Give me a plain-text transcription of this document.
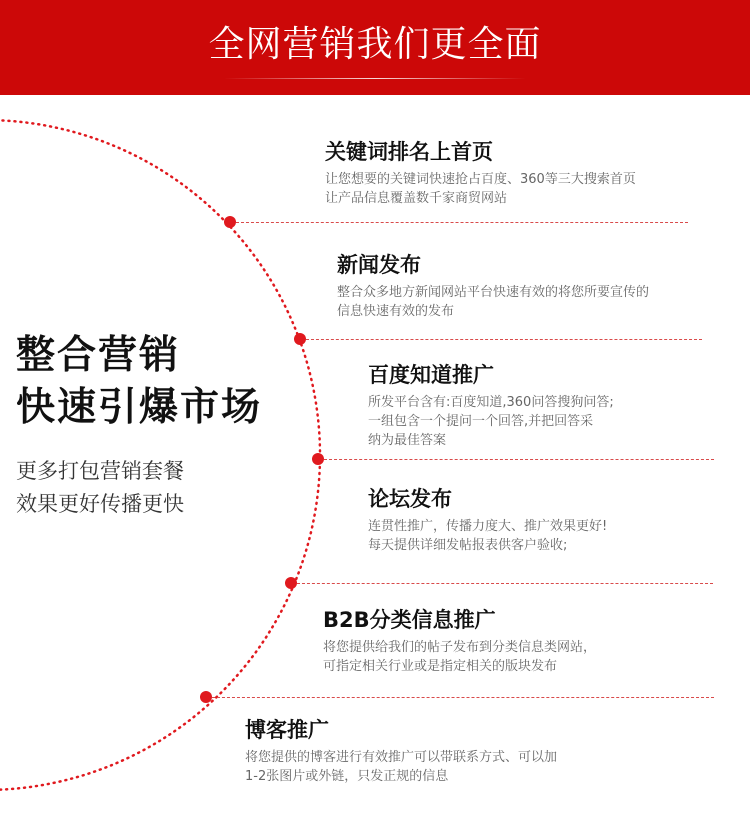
全网营销我们更全面
整合营销
快速引爆市场
更多打包营销套餐
效果更好传播更快
关键词排名上首页
让您想要的关键词快速抢占百度、360等三大搜索首页
让产品信息覆盖数千家商贸网站
新闻发布
整合众多地方新闻网站平台快速有效的将您所要宣传的
信息快速有效的发布
百度知道推广
所发平台含有:百度知道,360问答搜狗问答;
一组包含一个提问一个回答,并把回答采
纳为最佳答案
论坛发布
连贯性推广，传播力度大、推广效果更好!
每天提供详细发帖报表供客户验收;
B2B分类信息推广
将您提供给我们的帖子发布到分类信息类网站，
可指定相关行业或是指定相关的版块发布
博客推广
将您提供的博客进行有效推广可以带联系方式、可以加
1-2张图片或外链，只发正规的信息
